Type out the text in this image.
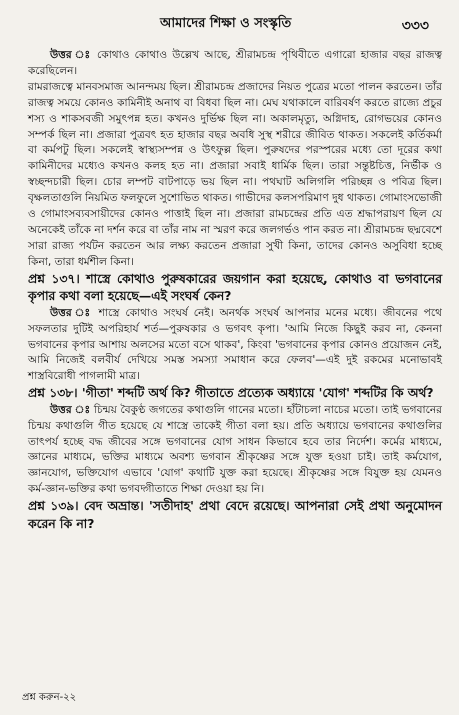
আমাদের শিক্ষা ও সংস্কৃতি	৩৩৩

উত্তর ঃ কোথাও কোথাও উল্লেখ আছে, শ্রীরামচন্দ্র পৃথিবীতে এগারো হাজার বছর রাজত্ব করেছিলেন।

রামরাজত্বে মানবসমাজ আনন্দময় ছিল। শ্রীরামচন্দ্র প্রজাদের নিয়ত পুত্রের মতো পালন করতেন। তাঁর রাজত্ব সময়ে কোনও কামিনীই অনাথ বা বিধবা ছিল না। মেঘ যথাকালে বারিবর্ষণ করতে রাজ্যে প্রচুর শস্য ও শাকসবজী সমুৎপন্ন হত। কখনও দুর্ভিক্ষ ছিল না। অকালমৃত্যু, অগ্নিদাহ, রোগভয়ের কোনও সম্পর্ক ছিল না। প্রজারা পুত্রবৎ হত হাজার বছর অবধি সুস্থ শরীরে জীবিত থাকত। সকলেই কর্তিকর্মা বা কর্মপটু ছিল। সকলেই স্বাস্থ্যসম্পন্ন ও উৎফুল্ল ছিল। পুরুষদের পরস্পরের মধ্যে তো দূরের কথা কামিনীদের মধ্যেও কখনও কলহ হত না। প্রজারা সবাই ধার্মিক ছিল। তারা সন্তুষ্টচিত্ত, নির্ভীক ও স্বচ্ছন্দচারী ছিল। চোর লম্পট বাটপাড়ে ভয় ছিল না। পথঘাট অলিগলি পরিচ্ছন্ন ও পবিত্র ছিল। বৃক্ষলতাগুলি নিয়মিত ফলফুলে সুশোভিত থাকত। গাভীদের কলসপরিমাণ দুধ থাকত। গোমাংসভোজী ও গোমাংসব্যবসায়ীদের কোনও পাত্তাই ছিল না। প্রজারা রামচন্দ্রের প্রতি এত শ্রদ্ধাপরায়ণ ছিল যে অনেকেই তাঁকে না দর্শন করে বা তাঁর নাম না স্মরণ করে জলগর্ভও পান করত না। শ্রীরামচন্দ্র ছদ্মবেশে সারা রাজ্য পর্যটন করতেন আর লক্ষ্য করতেন প্রজারা সুখী কিনা, তাদের কোনও অসুবিধা হচ্ছে কিনা, তারা ধর্মশীল কিনা।

প্রশ্ন ১৩৭। শাস্ত্রে কোথাও পুরুষকারের জয়গান করা হয়েছে, কোথাও বা ভগবানের কৃপার কথা বলা হয়েছে—এই সংঘর্ষ কেন?

উত্তর ঃ শাস্ত্রে কোথাও সংঘর্ষ নেই। অনর্থক সংঘর্ষ আপনার মনের মধ্যে। জীবনের পথে সফলতার দুটিই অপরিহার্য শর্ত—পুরুষকার ও ভগবৎ কৃপা। 'আমি নিজে কিছুই করব না, কেননা ভগবানের কৃপার আশায় অলসের মতো বসে থাকব', কিংবা 'ভগবানের কৃপার কোনও প্রয়োজন নেই, আমি নিজেই বলবীর্য দেখিয়ে সমস্ত সমস্যা সমাধান করে ফেলব'—এই দুই রকমের মনোভাবই শাস্ত্রবিরোধী পাগলামী মাত্র।

প্রশ্ন ১৩৮। 'গীতা' শব্দটি অর্থ কি? গীতাতে প্রত্যেক অধ্যায়ে 'যোগ' শব্দটির কি অর্থ?

উত্তর ঃ চিন্ময় বৈকুণ্ঠ জগতের কথাগুলি গানের মতো। হাঁটাচলা নাচের মতো। তাই ভগবানের চিন্ময় কথাগুলি গীত হয়েছে যে শাস্ত্রে তাকেই গীতা বলা হয়। প্রতি অধ্যায়ে ভগবানের কথাগুলির তাৎপর্য হচ্ছে বদ্ধ জীবের সঙ্গে ভগবানের যোগ সাধন কিভাবে হবে তার নির্দেশ। কর্মের মাধ্যমে, জ্ঞানের মাধ্যমে, ভক্তির মাধ্যমে অবশ্য ভগবান শ্রীকৃষ্ণের সঙ্গে যুক্ত হওয়া চাই। তাই কর্মযোগ, জ্ঞানযোগ, ভক্তিযোগ এভাবে 'যোগ' কথাটি যুক্ত করা হয়েছে। শ্রীকৃষ্ণের সঙ্গে বিযুক্ত হয় যেমনও কর্ম-জ্ঞান-ভক্তির কথা ভগবদ্গীতাতে শিক্ষা দেওয়া হয় নি।

প্রশ্ন ১৩৯। বেদ অভ্রান্ত। 'সতীদাহ' প্রথা বেদে রয়েছে। আপনারা সেই প্রথা অনুমোদন করেন কি না?

প্রশ্ন করুন-২২
